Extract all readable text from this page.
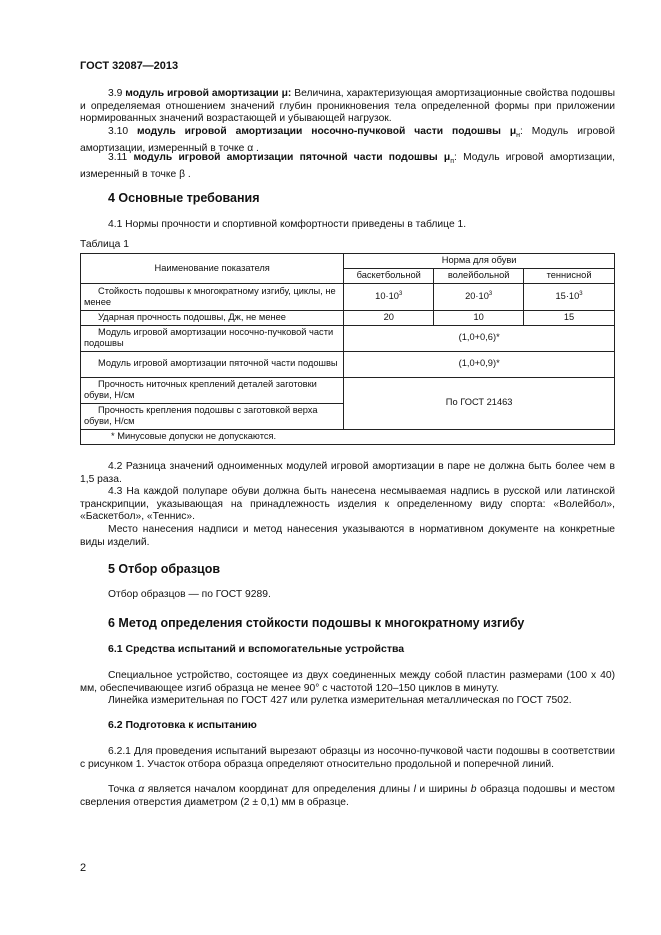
ГОСТ 32087—2013

3.9 модуль игровой амортизации μ: Величина, характеризующая амортизационные свойства подошвы и определяемая отношением значений глубин проникновения тела определенной формы при приложении нормированных значений возрастающей и убывающей нагрузок.

3.10 модуль игровой амортизации носочно-пучковой части подошвы $\mu_н$: Модуль игровой амортизации, измеренный в точке α .

3.11 модуль игровой амортизации пяточной части подошвы $\mu_п$: Модуль игровой амортизации, измеренный в точке β .

4 Основные требования

4.1 Нормы прочности и спортивной комфортности приведены в таблице 1.

Таблица 1
Наименование показателя	Норма для обуви		
	баскетбольной	волейбольной	теннисной
Стойкость подошвы к многократному изгибу, циклы, не менее	$10\cdot 10^3$	$20\cdot 10^3$	$15\cdot 10^3$
Ударная прочность подошвы, Дж, не менее	20	10	15
Модуль игровой амортизации носочно-пучковой части подошвы	(1,0+0,6)*		
Модуль игровой амортизации пяточной части подошвы	(1,0+0,9)*		
Прочность ниточных креплений деталей заготовки обуви, Н/см	По ГОСТ 21463		
Прочность крепления подошвы с заготовкой верха обуви, Н/см			
* Минусовые допуски не допускаются.			

4.2 Разница значений одноименных модулей игровой амортизации в паре не должна быть более чем в 1,5 раза.

4.3 На каждой полупаре обуви должна быть нанесена несмываемая надпись в русской или латинской транскрипции, указывающая на принадлежность изделия к определенному виду спорта: «Волейбол», «Баскетбол», «Теннис».

Место нанесения надписи и метод нанесения указываются в нормативном документе на конкретные виды изделий.

5 Отбор образцов

Отбор образцов — по ГОСТ 9289.

6 Метод определения стойкости подошвы к многократному изгибу
6.1 Средства испытаний и вспомогательные устройства

Специальное устройство, состоящее из двух соединенных между собой пластин размерами (100 х 40) мм, обеспечивающее изгиб образца не менее 90° с частотой 120–150 циклов в минуту.

Линейка измерительная по ГОСТ 427 или рулетка измерительная металлическая по ГОСТ 7502.

6.2 Подготовка к испытанию

6.2.1 Для проведения испытаний вырезают образцы из носочно-пучковой части подошвы в соответствии с рисунком 1. Участок отбора образца определяют относительно продольной и поперечной линий.

Точка α является началом координат для определения длины l и ширины b образца подошвы и местом сверления отверстия диаметром (2 ± 0,1) мм в образце.

2
